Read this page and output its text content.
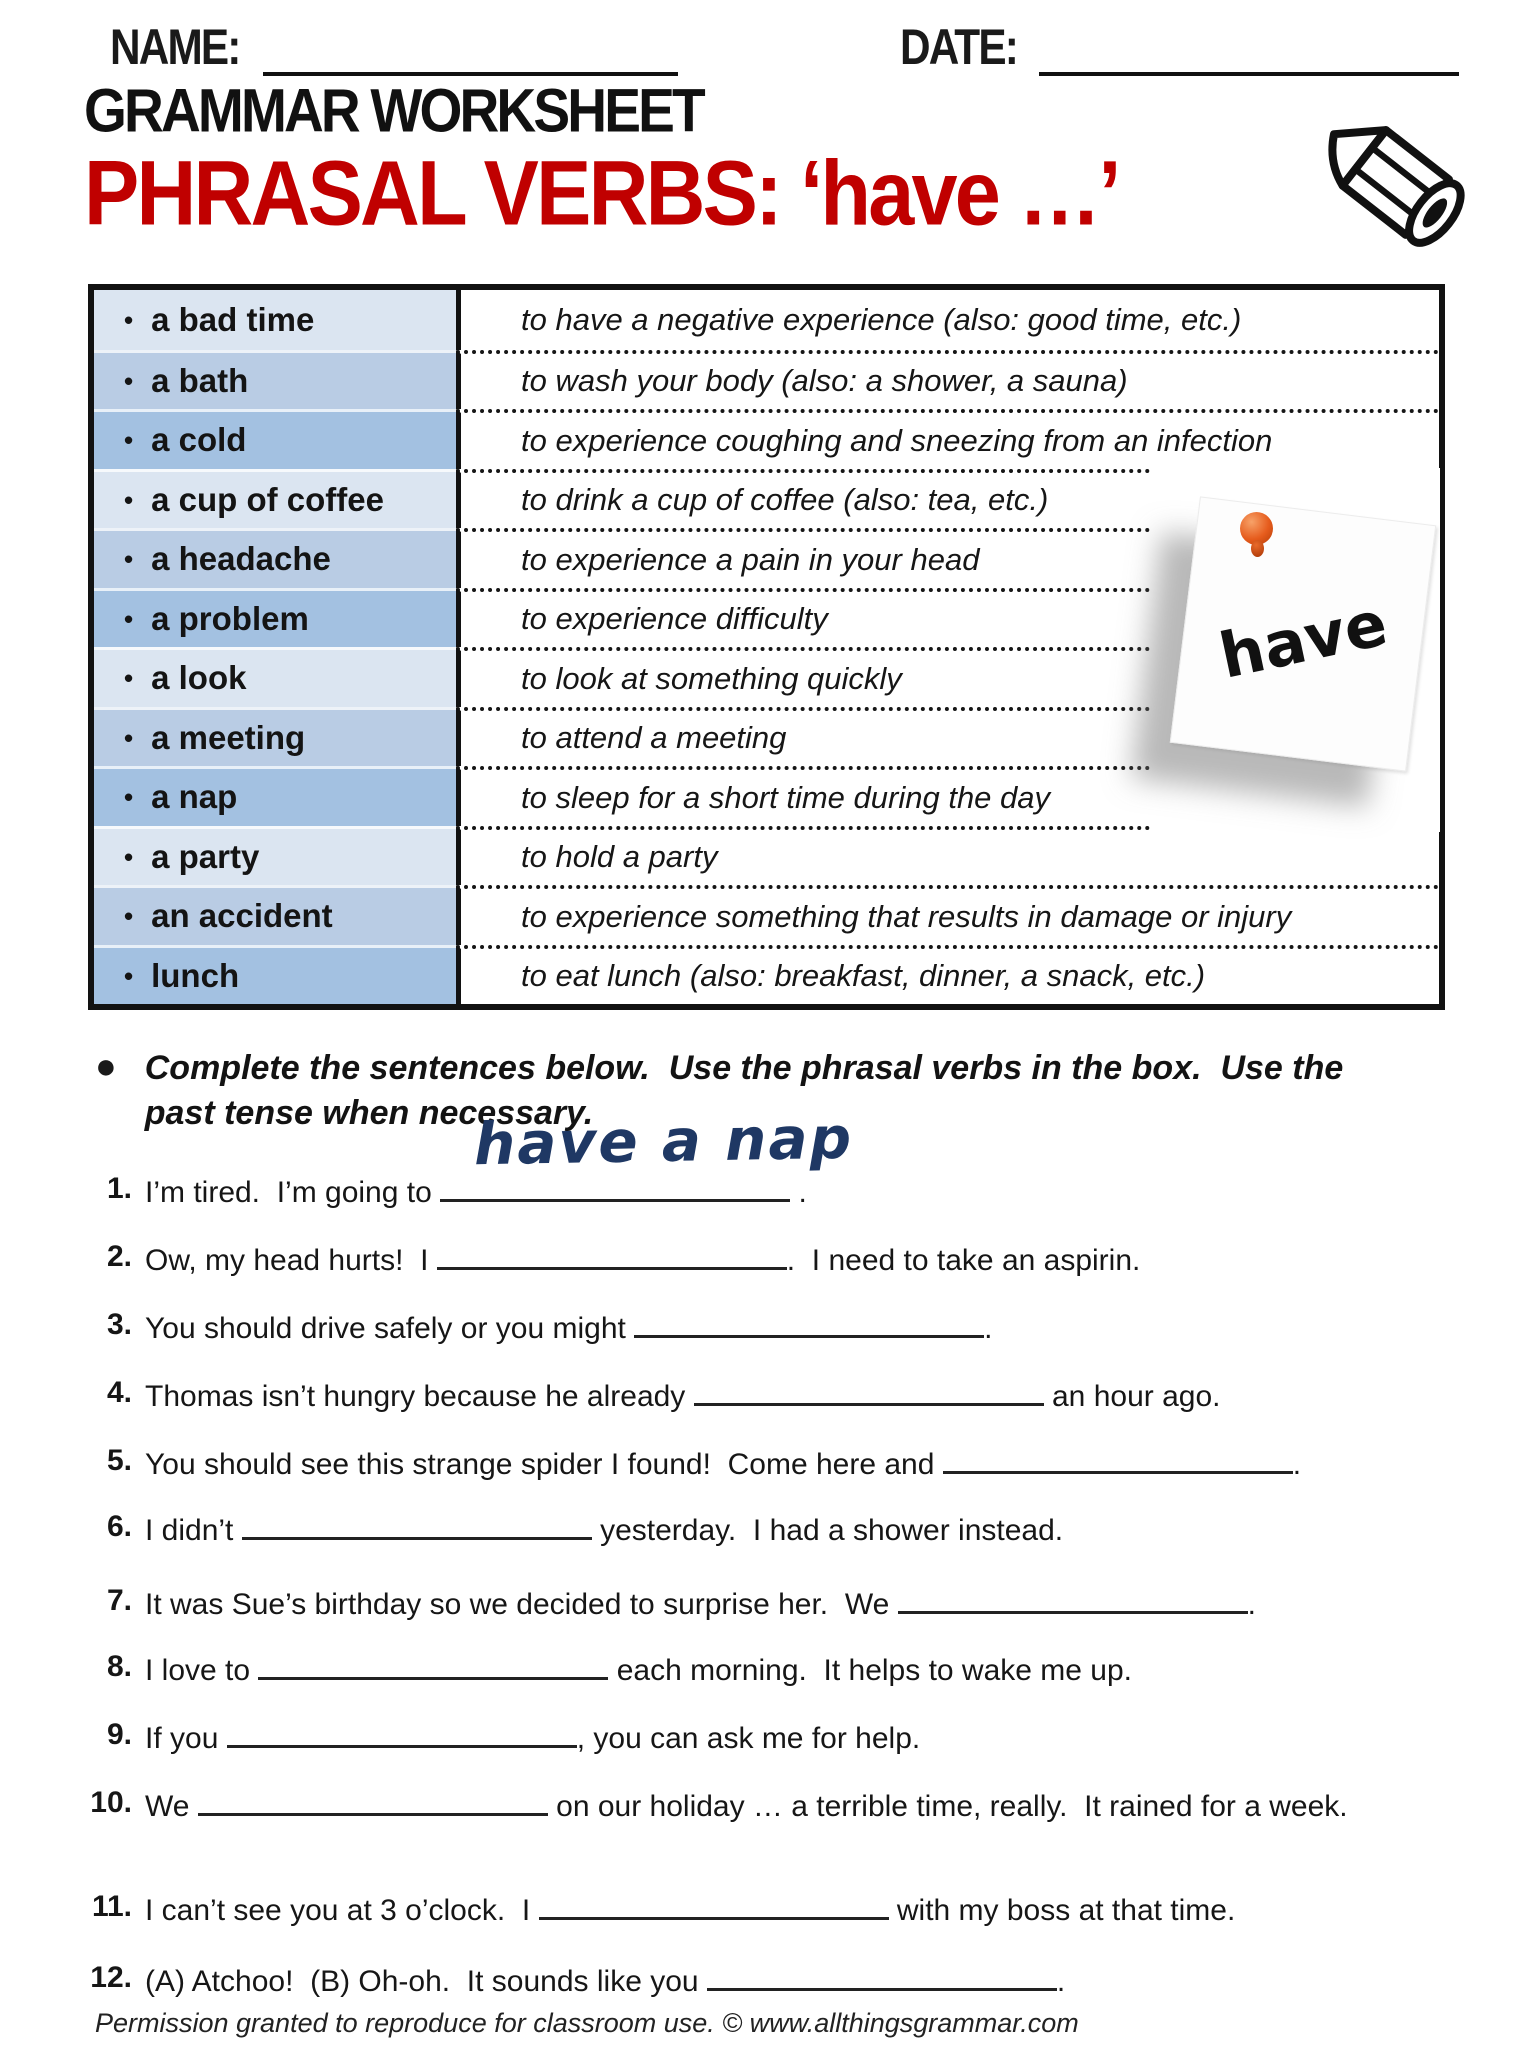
NAME:	DATE:
GRAMMAR WORKSHEET
PHRASAL VERBS: ‘have …’
• a bad time	to have a negative experience (also: good time, etc.)
• a bath	to wash your body (also: a shower, a sauna)
• a cold	to experience coughing and sneezing from an infection
• a cup of coffee	to drink a cup of coffee (also: tea, etc.)
• a headache	to experience a pain in your head
• a problem	to experience difficulty
• a look	to look at something quickly
• a meeting	to attend a meeting
• a nap	to sleep for a short time during the day
• a party	to hold a party
• an accident	to experience something that results in damage or injury
• lunch	to eat lunch (also: breakfast, dinner, a snack, etc.)
have
● Complete the sentences below.  Use the phrasal verbs in the box.  Use the past tense when necessary.
1. I’m tired.  I’m going to
have a nap
.
2. Ow, my head hurts!  I	.  I need to take an aspirin.
3. You should drive safely or you might	.
4. Thomas isn’t hungry because he already	an hour ago.
5. You should see this strange spider I found!  Come here and	.
6. I didn’t	yesterday.  I had a shower instead.
7. It was Sue’s birthday so we decided to surprise her.  We	.
8. I love to	each morning.  It helps to wake me up.
9. If you	, you can ask me for help.
10. We	on our holiday … a terrible time, really.  It rained for a week.
11. I can’t see you at 3 o’clock.  I	with my boss at that time.
12. (A) Atchoo!  (B) Oh-oh.  It sounds like you	.
Permission granted to reproduce for classroom use. © www.allthingsgrammar.com
